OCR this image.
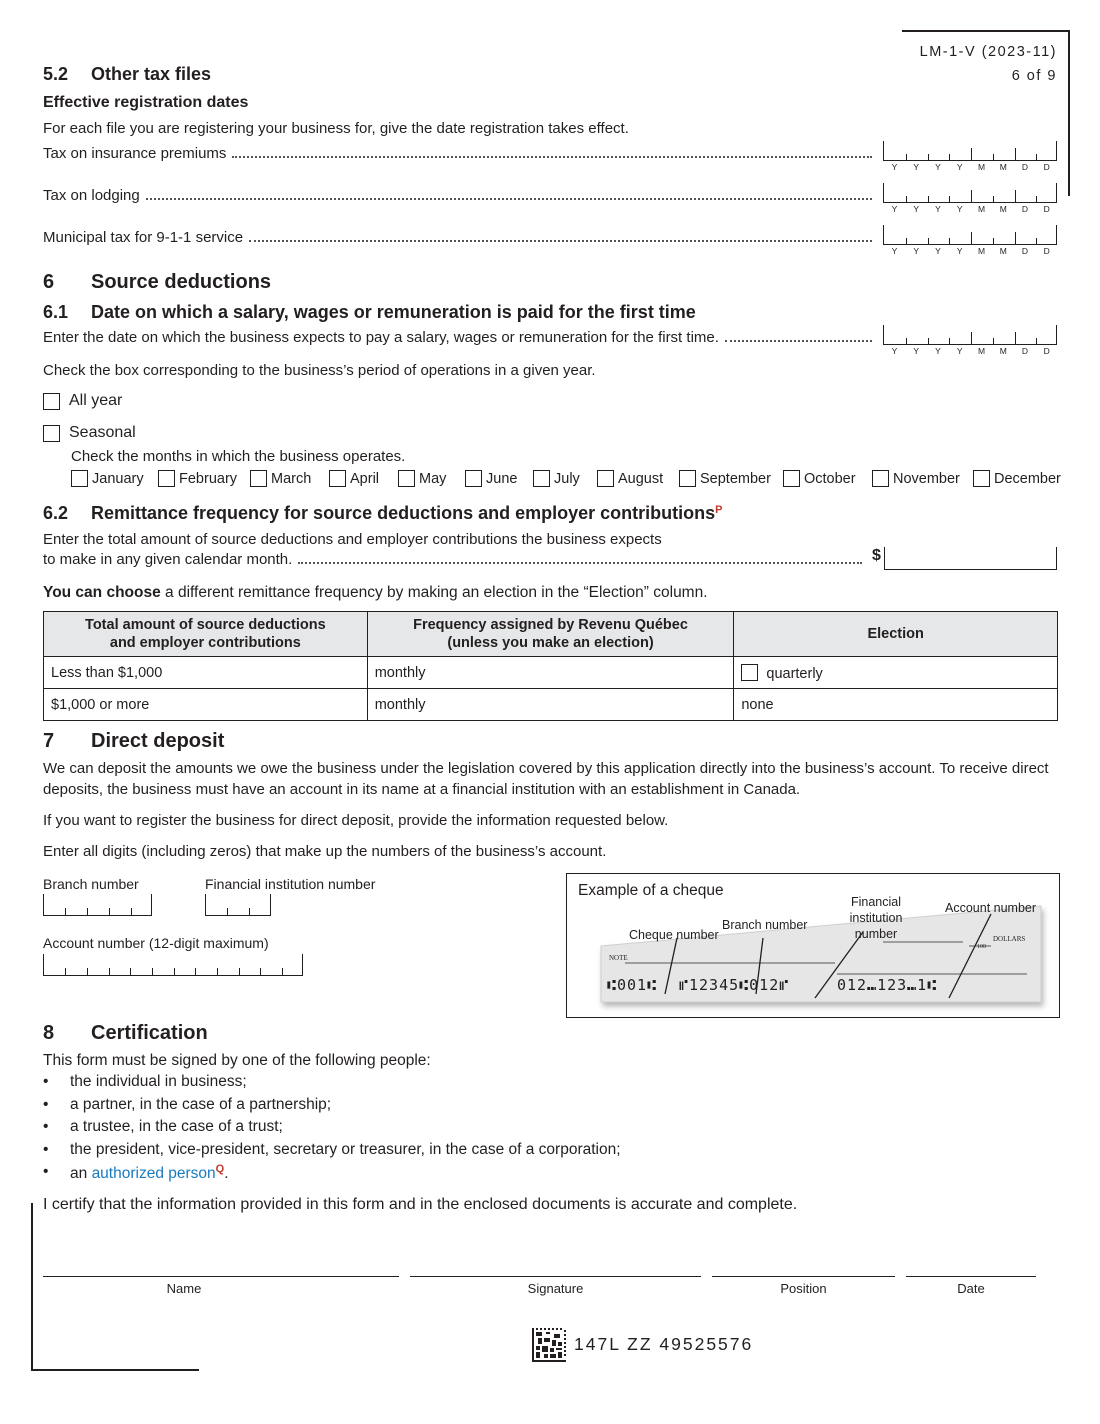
LM-1-V (2023-11)
6 of 9
5.2 Other tax files
Effective registration dates
For each file you are registering your business for, give the date registration takes effect.
Tax on insurance premiums
Tax on lodging
Municipal tax for 9-1-1 service
Y	Y	Y	Y	M	M	D	D
Y	Y	Y	Y	M	M	D	D
Y	Y	Y	Y	M	M	D	D
6 Source deductions
6.1 Date on which a salary, wages or remuneration is paid for the first time
Enter the date on which the business expects to pay a salary, wages or remuneration for the first time.
Y	Y	Y	Y	M	M	D	D
Check the box corresponding to the business’s period of operations in a given year.
All year
Seasonal
Check the months in which the business operates.
January February March	April	May	June	July	August	September October	November December
6.2 Remittance frequency for source deductions and employer contributions$^P$
Enter the total amount of source deductions and employer contributions the business expects
to make in any given calendar month.	$
You can choose a different remittance frequency by making an election in the “Election” column.
Total amount of source deductions
and employer contributions	Frequency assigned by Revenu Québec
(unless you make an election)	Election
Less than $1,000	monthly	quarterly
$1,000 or more	monthly	none
7 Direct deposit
We can deposit the amounts we owe the business under the legislation covered by this application directly into the business’s account. To receive direct
deposits, the business must have an account in its name at a financial institution with an establishment in Canada.
If you want to register the business for direct deposit, provide the information requested below.
Enter all digits (including zeros) that make up the numbers of the business’s account.
Branch number	Financial institution number
Account number (12-digit maximum)
Example of a cheque
Cheque number
Branch number
Financial institution
number
Account number
DOLLARS
100
NOTE
⑆001⑆ ⑈12345⑆012⑈	012⑉123⑉1⑆
8 Certification
This form must be signed by one of the following people:
•	the individual in business;
•	a partner, in the case of a partnership;
•	a trustee, in the case of a trust;
•	the president, vice-president, secretary or treasurer, in the case of a corporation;
•	an authorized person$^Q$.
I certify that the information provided in this form and in the enclosed documents is accurate and complete.
Name	Signature	Position	Date
147L ZZ 49525576
